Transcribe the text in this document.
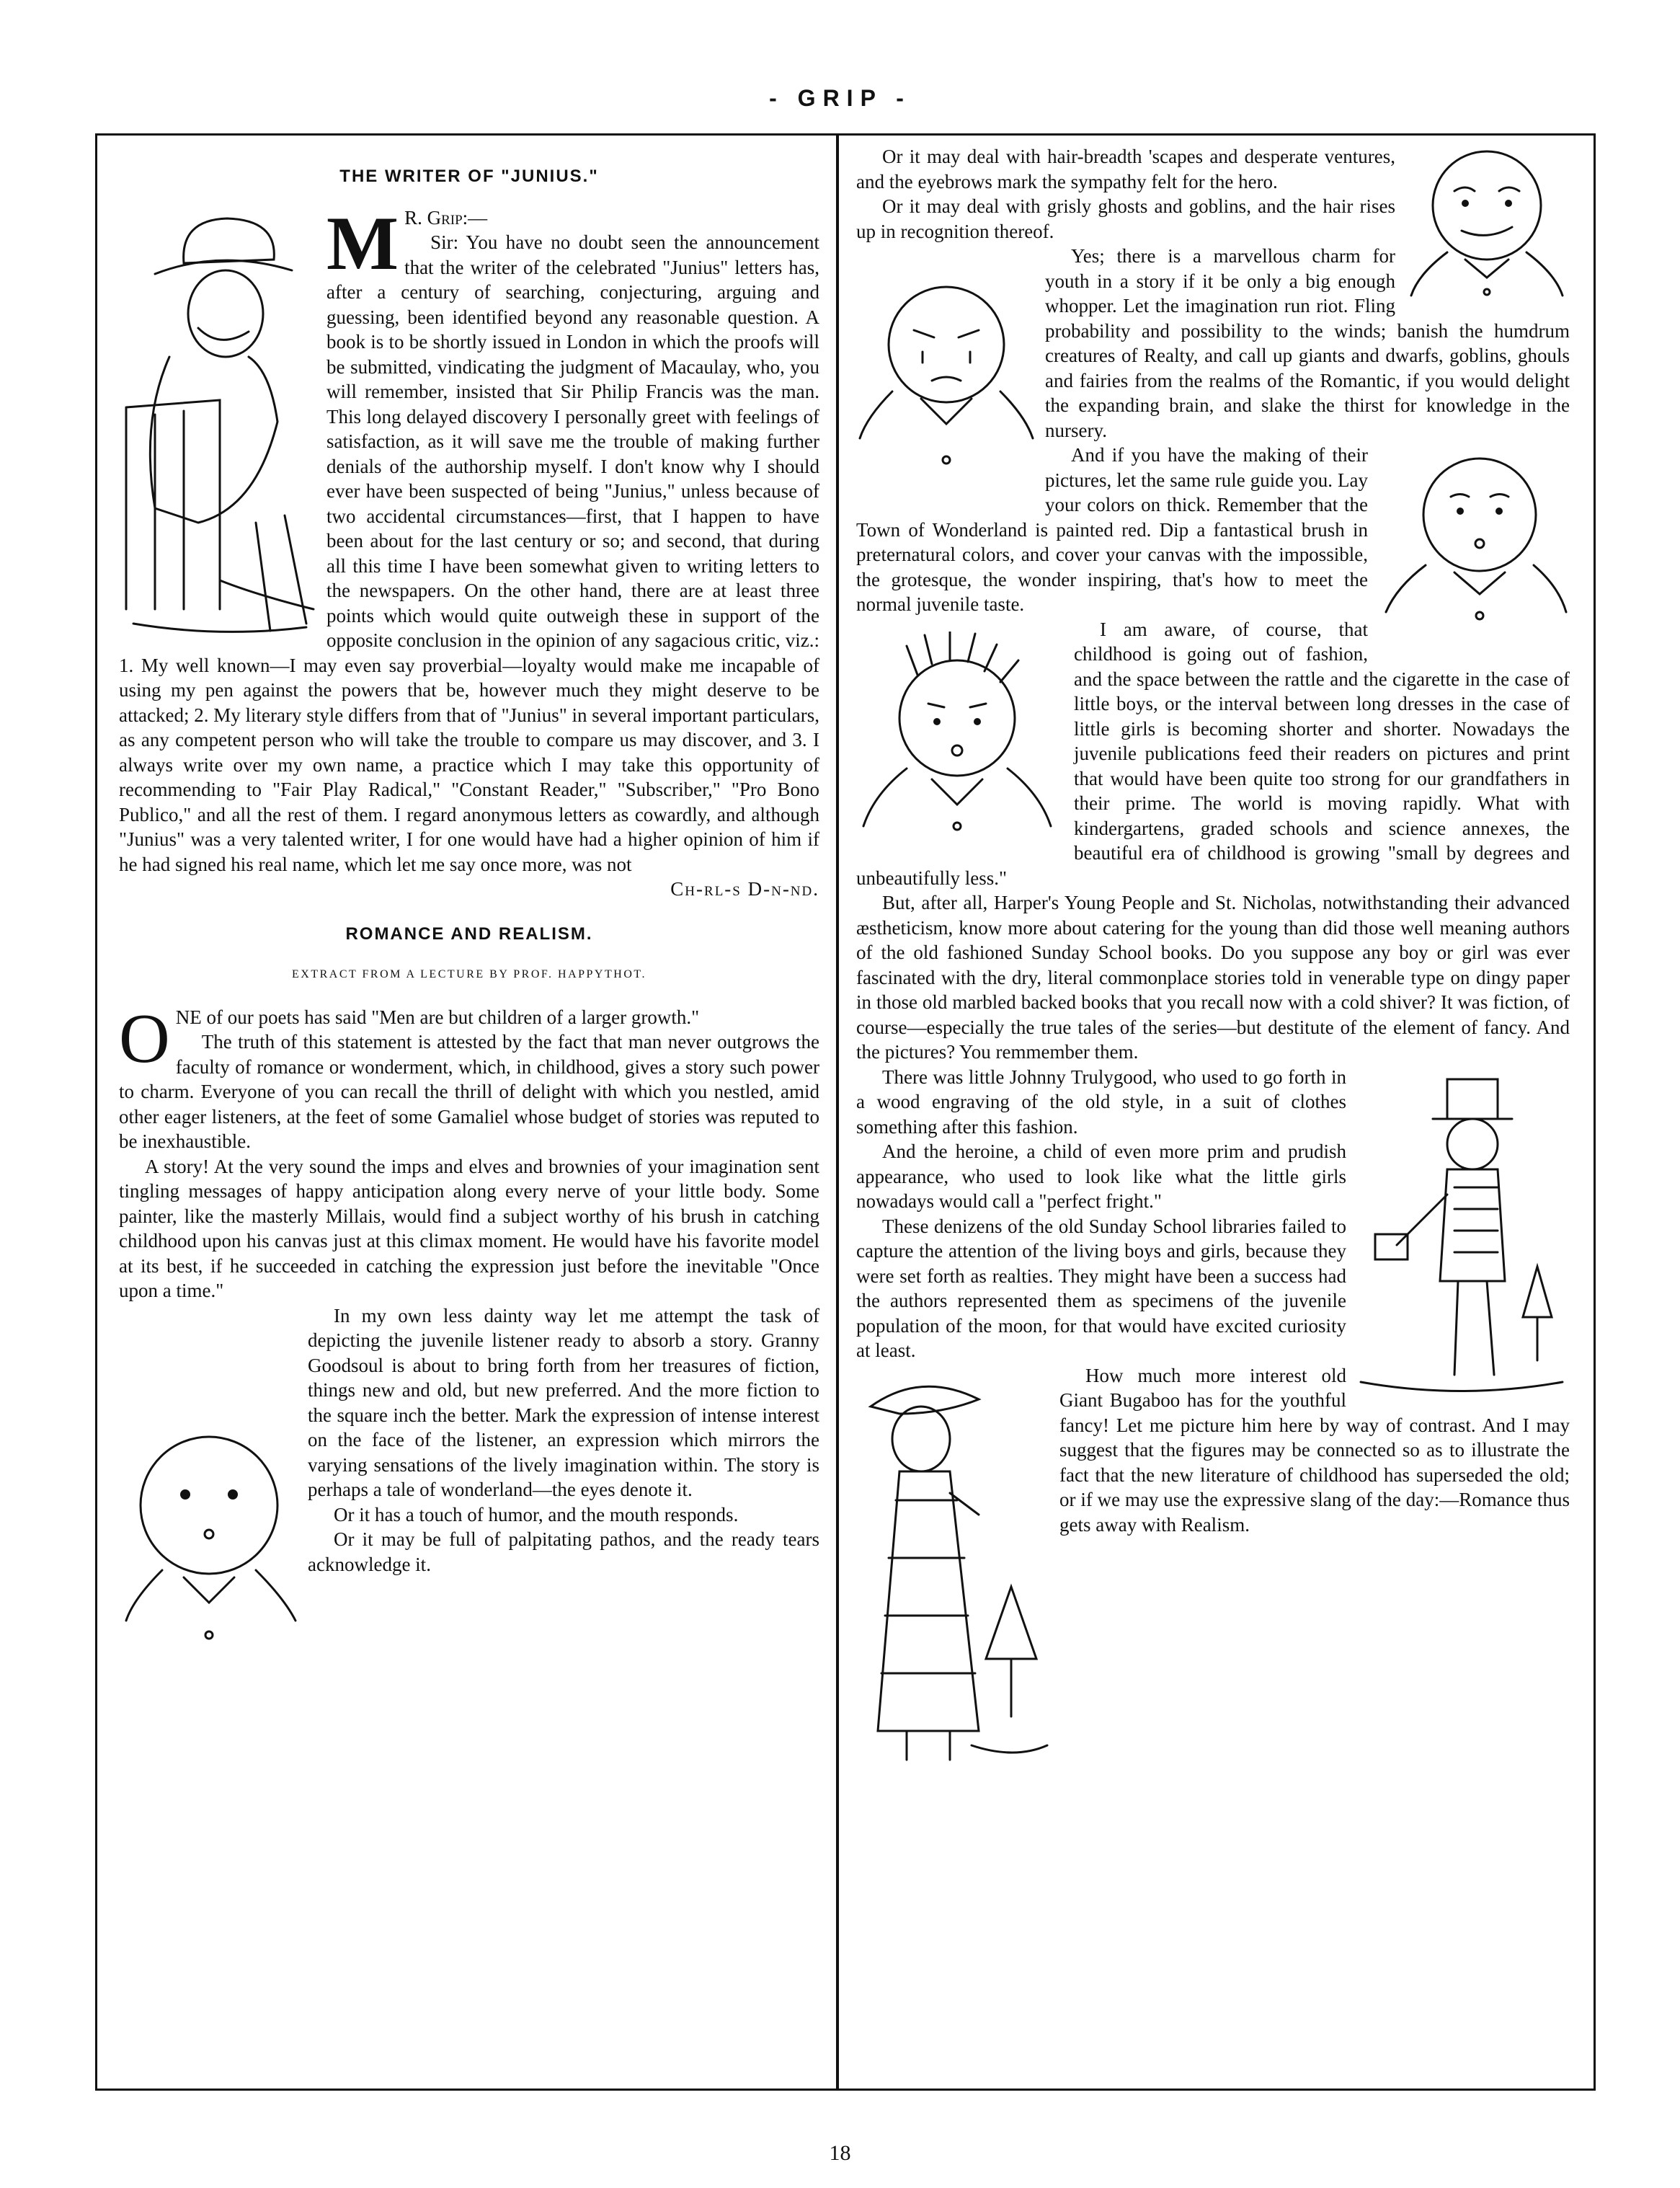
- GRIP -
THE WRITER OF "JUNIUS."

M R. Grip:—

Sir: You have no doubt seen the announcement that the writer of the celebrated "Junius" letters has, after a century of searching, conjecturing, arguing and guessing, been identified beyond any reasonable question. A book is to be shortly issued in London in which the proofs will be submitted, vindicating the judgment of Macaulay, who, you will remember, insisted that Sir Philip Francis was the man. This long delayed discovery I personally greet with feelings of satisfaction, as it will save me the trouble of making further denials of the authorship myself. I don't know why I should ever have been suspected of being "Junius," unless because of two accidental circumstances—first, that I happen to have been about for the last century or so; and second, that during all this time I have been somewhat given to writing letters to the newspapers. On the other hand, there are at least three points which would quite outweigh these in support of the opposite conclusion in the opinion of any sagacious critic, viz.: 1. My well known—I may even say proverbial—loyalty would make me incapable of using my pen against the powers that be, however much they might deserve to be attacked; 2. My literary style differs from that of "Junius" in several important particulars, as any competent person who will take the trouble to compare us may discover, and 3. I always write over my own name, a practice which I may take this opportunity of recommending to "Fair Play Radical," "Constant Reader," "Subscriber," "Pro Bono Publico," and all the rest of them. I regard anonymous letters as cowardly, and although "Junius" was a very talented writer, I for one would have had a higher opinion of him if he had signed his real name, which let me say once more, was not

Ch-rl-s D-n-nd.

ROMANCE AND REALISM.
EXTRACT FROM A LECTURE BY PROF. HAPPYTHOT.

ONE of our poets has said "Men are but children of a larger growth."

The truth of this statement is attested by the fact that man never outgrows the faculty of romance or wonderment, which, in childhood, gives a story such power to charm. Everyone of you can recall the thrill of delight with which you nestled, amid other eager listeners, at the feet of some Gamaliel whose budget of stories was reputed to be inexhaustible.

A story! At the very sound the imps and elves and brownies of your imagination sent tingling messages of happy anticipation along every nerve of your little body. Some painter, like the masterly Millais, would find a subject worthy of his brush in catching childhood upon his canvas just at this climax moment. He would have his favorite model at its best, if he succeeded in catching the expression just before the inevitable "Once upon a time."

In my own less dainty way let me attempt the task of depicting the juvenile listener ready to absorb a story. Granny Goodsoul is about to bring forth from her treasures of fiction, things new and old, but new preferred. And the more fiction to the square inch the better. Mark the expression of intense interest on the face of the listener, an expression which mirrors the varying sensations of the lively imagination within. The story is perhaps a tale of wonderland—the eyes denote it.

Or it has a touch of humor, and the mouth responds.

Or it may be full of palpitating pathos, and the ready tears acknowledge it.

Or it may deal with hair-breadth 'scapes and desperate ventures, and the eyebrows mark the sympathy felt for the hero.

Or it may deal with grisly ghosts and goblins, and the hair rises up in recognition thereof.

Yes; there is a marvellous charm for youth in a story if it be only a big enough whopper. Let the imagination run riot. Fling probability and possibility to the winds; banish the humdrum creatures of Realty, and call up giants and dwarfs, goblins, ghouls and fairies from the realms of the Romantic, if you would delight the expanding brain, and slake the thirst for knowledge in the nursery.

And if you have the making of their pictures, let the same rule guide you. Lay your colors on thick. Remember that the Town of Wonderland is painted red. Dip a fantastical brush in preternatural colors, and cover your canvas with the impossible, the grotesque, the wonder inspiring, that's how to meet the normal juvenile taste.

I am aware, of course, that childhood is going out of fashion, and the space between the rattle and the cigarette in the case of little boys, or the interval between long dresses in the case of little girls is becoming shorter and shorter. Nowadays the juvenile publications feed their readers on pictures and print that would have been quite too strong for our grandfathers in their prime. The world is moving rapidly. What with kindergartens, graded schools and science annexes, the beautiful era of childhood is growing "small by degrees and unbeautifully less."

But, after all, Harper's Young People and St. Nicholas, notwithstanding their advanced æstheticism, know more about catering for the young than did those well meaning authors of the old fashioned Sunday School books. Do you suppose any boy or girl was ever fascinated with the dry, literal commonplace stories told in venerable type on dingy paper in those old marbled backed books that you recall now with a cold shiver? It was fiction, of course—especially the true tales of the series—but destitute of the element of fancy. And the pictures? You remmember them.

There was little Johnny Trulygood, who used to go forth in a wood engraving of the old style, in a suit of clothes something after this fashion.

And the heroine, a child of even more prim and prudish appearance, who used to look like what the little girls nowadays would call a "perfect fright."

These denizens of the old Sunday School libraries failed to capture the attention of the living boys and girls, because they were set forth as realties. They might have been a success had the authors represented them as specimens of the juvenile population of the moon, for that would have excited curiosity at least.

How much more interest old Giant Bugaboo has for the youthful fancy! Let me picture him here by way of contrast. And I may suggest that the figures may be connected so as to illustrate the fact that the new literature of childhood has superseded the old; or if we may use the expressive slang of the day:—Romance thus gets away with Realism.

18
